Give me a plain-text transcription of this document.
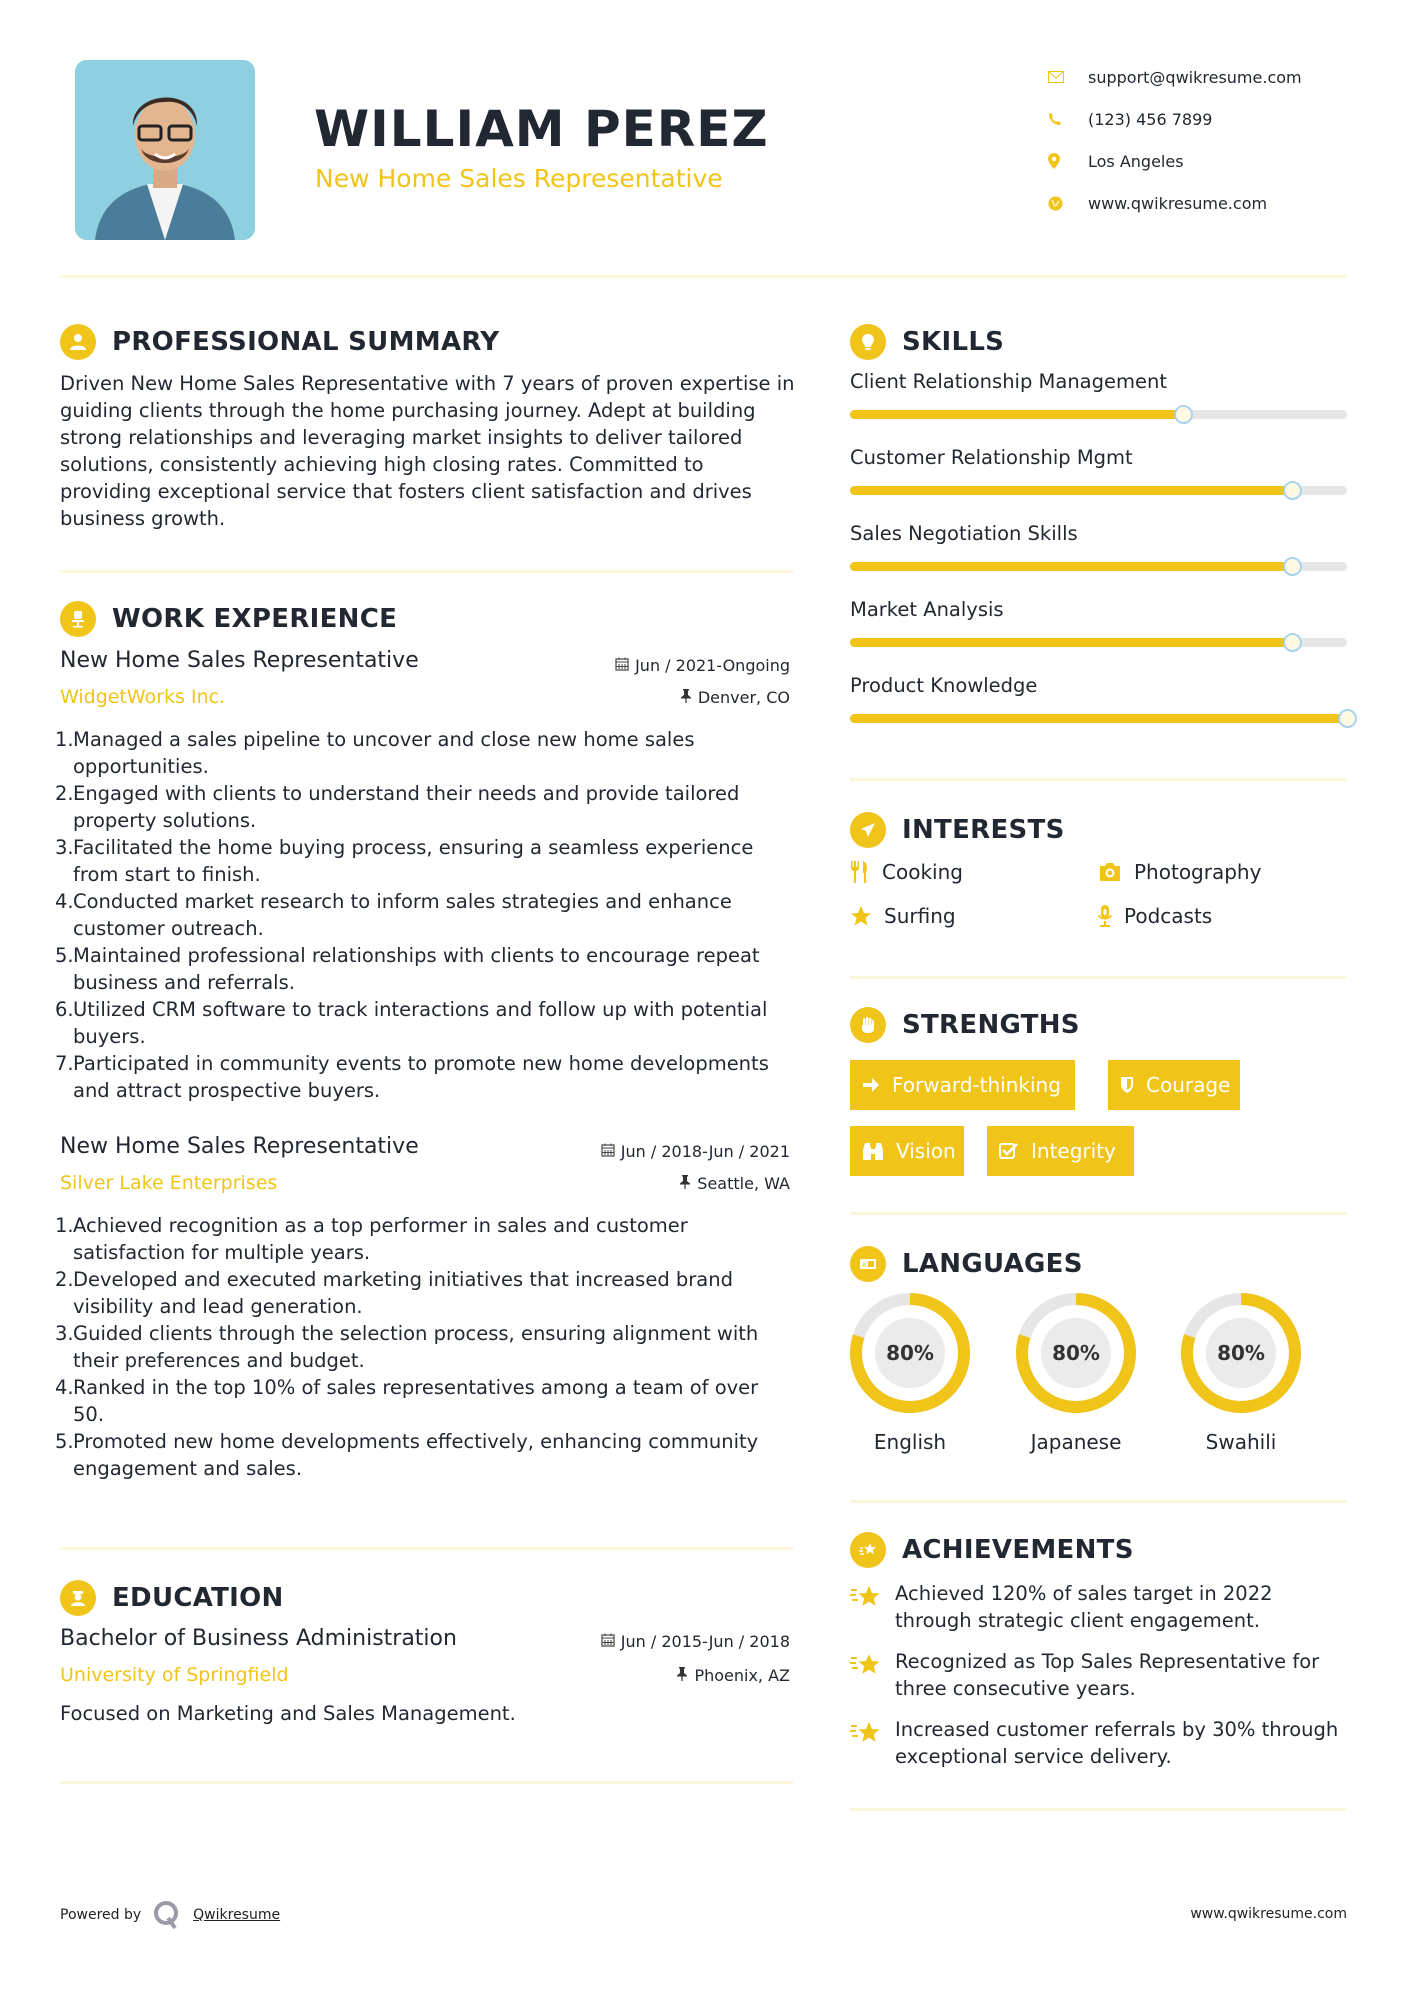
WILLIAM PEREZ
New Home Sales Representative
support@qwikresume.com
(123) 456 7899
Los Angeles
www.qwikresume.com
PROFESSIONAL SUMMARY
Driven New Home Sales Representative with 7 years of proven expertise in guiding clients through the home purchasing journey. Adept at building strong relationships and leveraging market insights to deliver tailored solutions, consistently achieving high closing rates. Committed to providing exceptional service that fosters client satisfaction and drives business growth.
WORK EXPERIENCE
New Home Sales Representative	Jun / 2021-Ongoing
WidgetWorks Inc.	Denver, CO
1. Managed a sales pipeline to uncover and close new home sales opportunities.
2. Engaged with clients to understand their needs and provide tailored property solutions.
3. Facilitated the home buying process, ensuring a seamless experience from start to finish.
4. Conducted market research to inform sales strategies and enhance customer outreach.
5. Maintained professional relationships with clients to encourage repeat business and referrals.
6. Utilized CRM software to track interactions and follow up with potential buyers.
7. Participated in community events to promote new home developments and attract prospective buyers.
New Home Sales Representative	Jun / 2018-Jun / 2021
Silver Lake Enterprises	Seattle, WA
1. Achieved recognition as a top performer in sales and customer satisfaction for multiple years.
2. Developed and executed marketing initiatives that increased brand visibility and lead generation.
3. Guided clients through the selection process, ensuring alignment with their preferences and budget.
4. Ranked in the top 10% of sales representatives among a team of over 50.
5. Promoted new home developments effectively, enhancing community engagement and sales.
EDUCATION
Bachelor of Business Administration	Jun / 2015-Jun / 2018
University of Springfield	Phoenix, AZ
Focused on Marketing and Sales Management.
SKILLS
Client Relationship Management
Customer Relationship Mgmt
Sales Negotiation Skills
Market Analysis
Product Knowledge
INTERESTS
Cooking	Photography
Surfing	Podcasts
STRENGTHS
Forward-thinking	Courage
Vision	Integrity
A LANGUAGES
80%
English
80%
Japanese
80%
Swahili
ACHIEVEMENTS
Achieved 120% of sales target in 2022 through strategic client engagement.
Recognized as Top Sales Representative for three consecutive years.
Increased customer referrals by 30% through exceptional service delivery.
Powered by	Qwikresume	www.qwikresume.com
